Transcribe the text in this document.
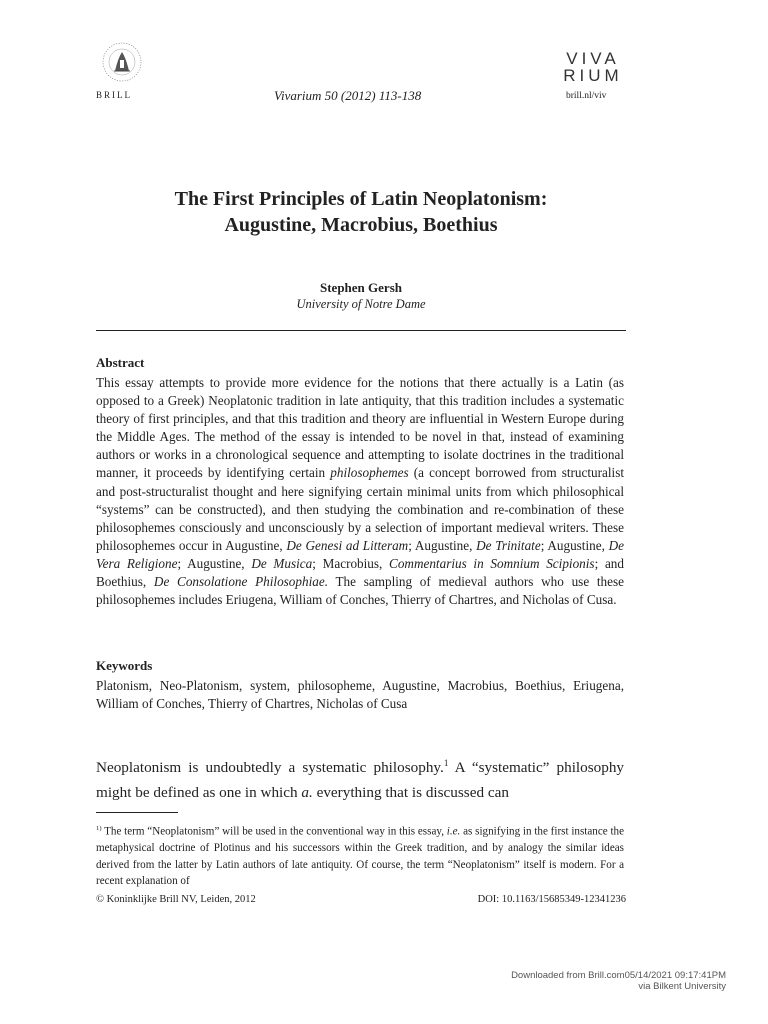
BRILL	Vivarium 50 (2012) 113-138
VIVA
RIUM
brill.nl/viv
The First Principles of Latin Neoplatonism:
Augustine, Macrobius, Boethius
Stephen Gersh
University of Notre Dame
Abstract

This essay attempts to provide more evidence for the notions that there actually is a Latin (as opposed to a Greek) Neoplatonic tradition in late antiquity, that this tradition includes a systematic theory of first principles, and that this tradition and theory are influential in Western Europe during the Middle Ages. The method of the essay is intended to be novel in that, instead of examining authors or works in a chronological sequence and attempting to isolate doctrines in the traditional manner, it proceeds by identifying certain philosophemes (a concept borrowed from structuralist and post-structuralist thought and here signifying certain minimal units from which philosophical “systems” can be constructed), and then studying the combination and re-combination of these philosophemes consciously and unconsciously by a selection of important medieval writers. These philosophemes occur in Augustine, De Genesi ad Litteram; Augustine, De Trinitate; Augustine, De Vera Religione; Augustine, De Musica; Macrobius, Commentarius in Somnium Scipionis; and Boethius, De Consolatione Philosophiae. The sampling of medieval authors who use these philosophemes includes Eriugena, William of Conches, Thierry of Chartres, and Nicholas of Cusa.

Keywords

Platonism, Neo-Platonism, system, philosopheme, Augustine, Macrobius, Boethius, Eriugena, William of Conches, Thierry of Chartres, Nicholas of Cusa

Neoplatonism is undoubtedly a systematic philosophy.$^1$ A “systematic” philosophy might be defined as one in which a. everything that is discussed can

$^{1)}$ The term “Neoplatonism” will be used in the conventional way in this essay, i.e. as signifying in the first instance the metaphysical doctrine of Plotinus and his successors within the Greek tradition, and by analogy the similar ideas derived from the latter by Latin authors of late antiquity. Of course, the term “Neoplatonism” itself is modern. For a recent explanation of

© Koninklijke Brill NV, Leiden, 2012	DOI: 10.1163/15685349-12341236
Downloaded from Brill.com05/14/2021 09:17:41PM
via Bilkent University
